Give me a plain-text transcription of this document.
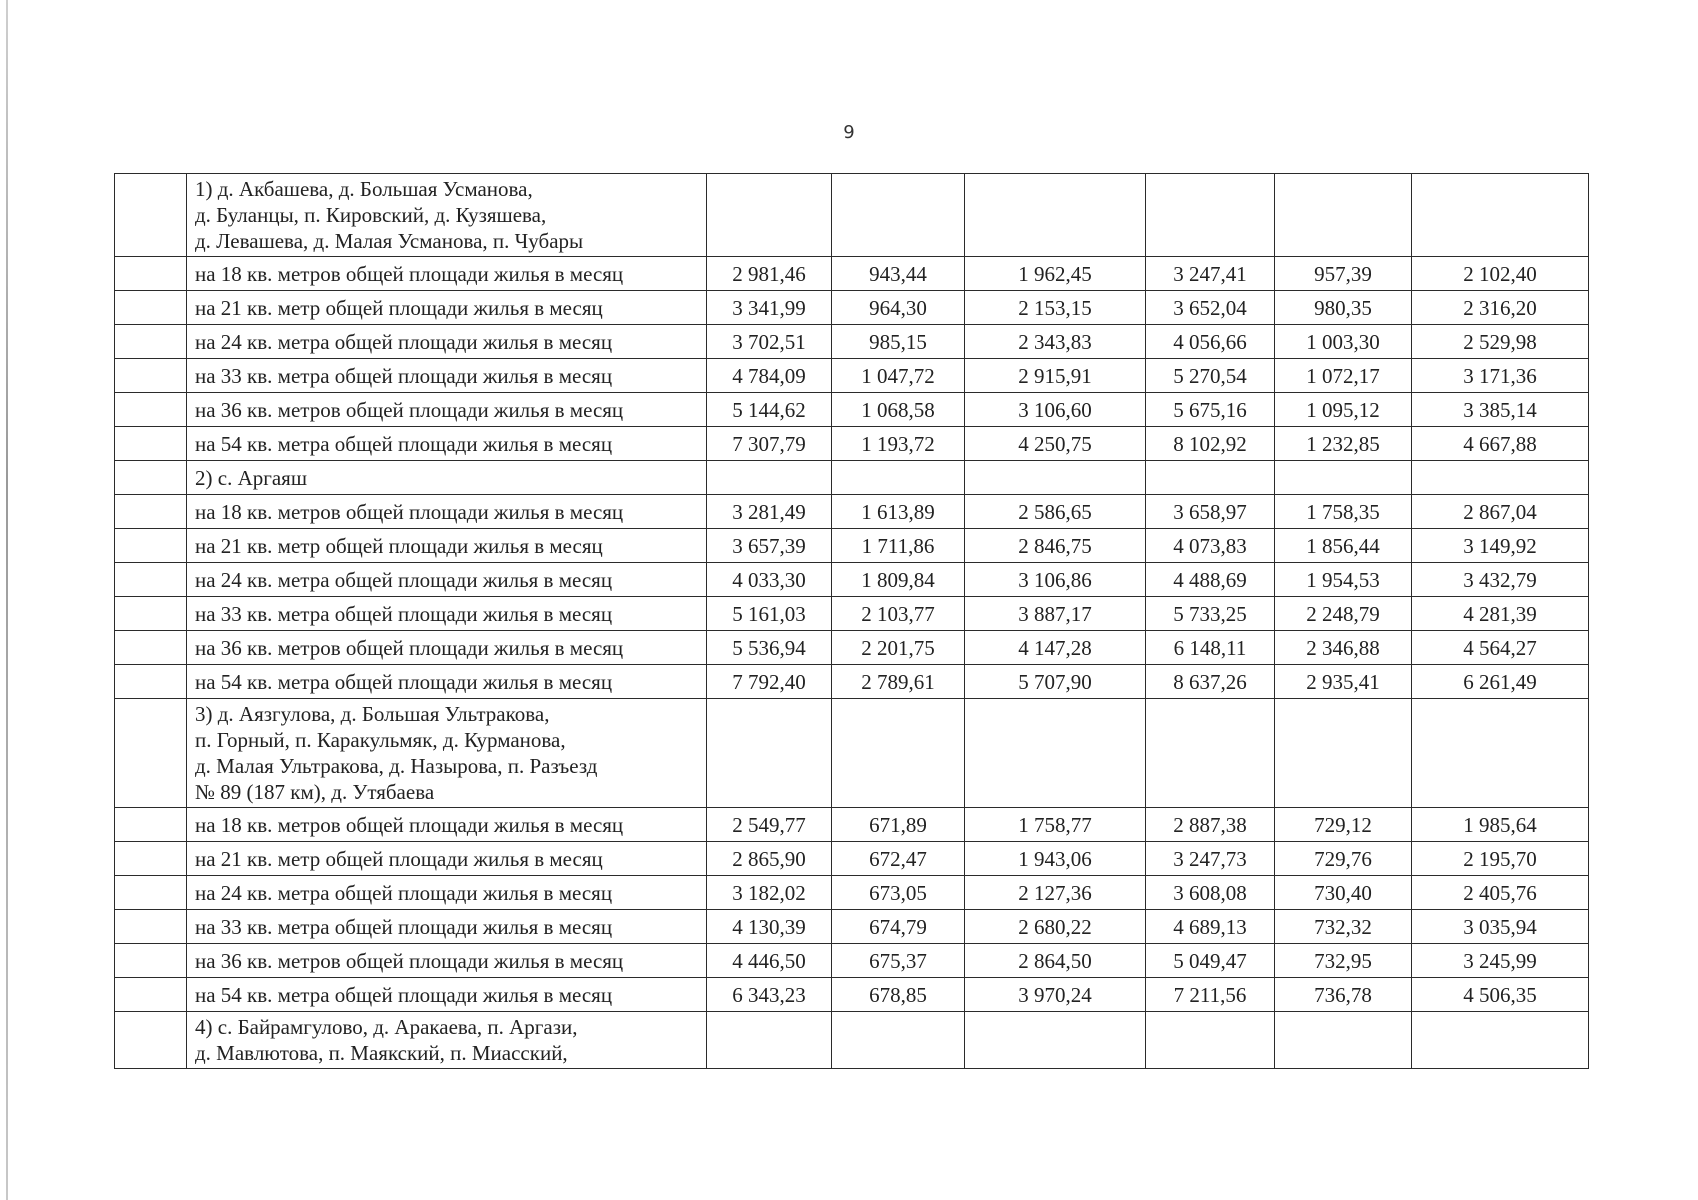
9

	1) д. Акбашева, д. Большая Усманова,
д. Буланцы, п. Кировский, д. Кузяшева,
д. Левашева, д. Малая Усманова, п. Чубары						

	на 18 кв. метров общей площади жилья в месяц	2 981,46	943,44	1 962,45	3 247,41	957,39	2 102,40
	на 21 кв. метр общей площади жилья в месяц	3 341,99	964,30	2 153,15	3 652,04	980,35	2 316,20
	на 24 кв. метра общей площади жилья в месяц	3 702,51	985,15	2 343,83	4 056,66	1 003,30	2 529,98
	на 33 кв. метра общей площади жилья в месяц	4 784,09	1 047,72	2 915,91	5 270,54	1 072,17	3 171,36
	на 36 кв. метров общей площади жилья в месяц	5 144,62	1 068,58	3 106,60	5 675,16	1 095,12	3 385,14
	на 54 кв. метра общей площади жилья в месяц	7 307,79	1 193,72	4 250,75	8 102,92	1 232,85	4 667,88

	2) с. Аргаяш						

	на 18 кв. метров общей площади жилья в месяц	3 281,49	1 613,89	2 586,65	3 658,97	1 758,35	2 867,04
	на 21 кв. метр общей площади жилья в месяц	3 657,39	1 711,86	2 846,75	4 073,83	1 856,44	3 149,92
	на 24 кв. метра общей площади жилья в месяц	4 033,30	1 809,84	3 106,86	4 488,69	1 954,53	3 432,79
	на 33 кв. метра общей площади жилья в месяц	5 161,03	2 103,77	3 887,17	5 733,25	2 248,79	4 281,39
	на 36 кв. метров общей площади жилья в месяц	5 536,94	2 201,75	4 147,28	6 148,11	2 346,88	4 564,27
	на 54 кв. метра общей площади жилья в месяц	7 792,40	2 789,61	5 707,90	8 637,26	2 935,41	6 261,49

	3) д. Аязгулова, д. Большая Ультракова,
п. Горный, п. Каракульмяк, д. Курманова,
д. Малая Ультракова, д. Назырова, п. Разъезд
№ 89 (187 км), д. Утябаева						

	на 18 кв. метров общей площади жилья в месяц	2 549,77	671,89	1 758,77	2 887,38	729,12	1 985,64
	на 21 кв. метр общей площади жилья в месяц	2 865,90	672,47	1 943,06	3 247,73	729,76	2 195,70
	на 24 кв. метра общей площади жилья в месяц	3 182,02	673,05	2 127,36	3 608,08	730,40	2 405,76
	на 33 кв. метра общей площади жилья в месяц	4 130,39	674,79	2 680,22	4 689,13	732,32	3 035,94
	на 36 кв. метров общей площади жилья в месяц	4 446,50	675,37	2 864,50	5 049,47	732,95	3 245,99
	на 54 кв. метра общей площади жилья в месяц	6 343,23	678,85	3 970,24	7 211,56	736,78	4 506,35

	4) с. Байрамгулово, д. Аракаева, п. Аргази,
д. Мавлютова, п. Маякский, п. Миасский,						
